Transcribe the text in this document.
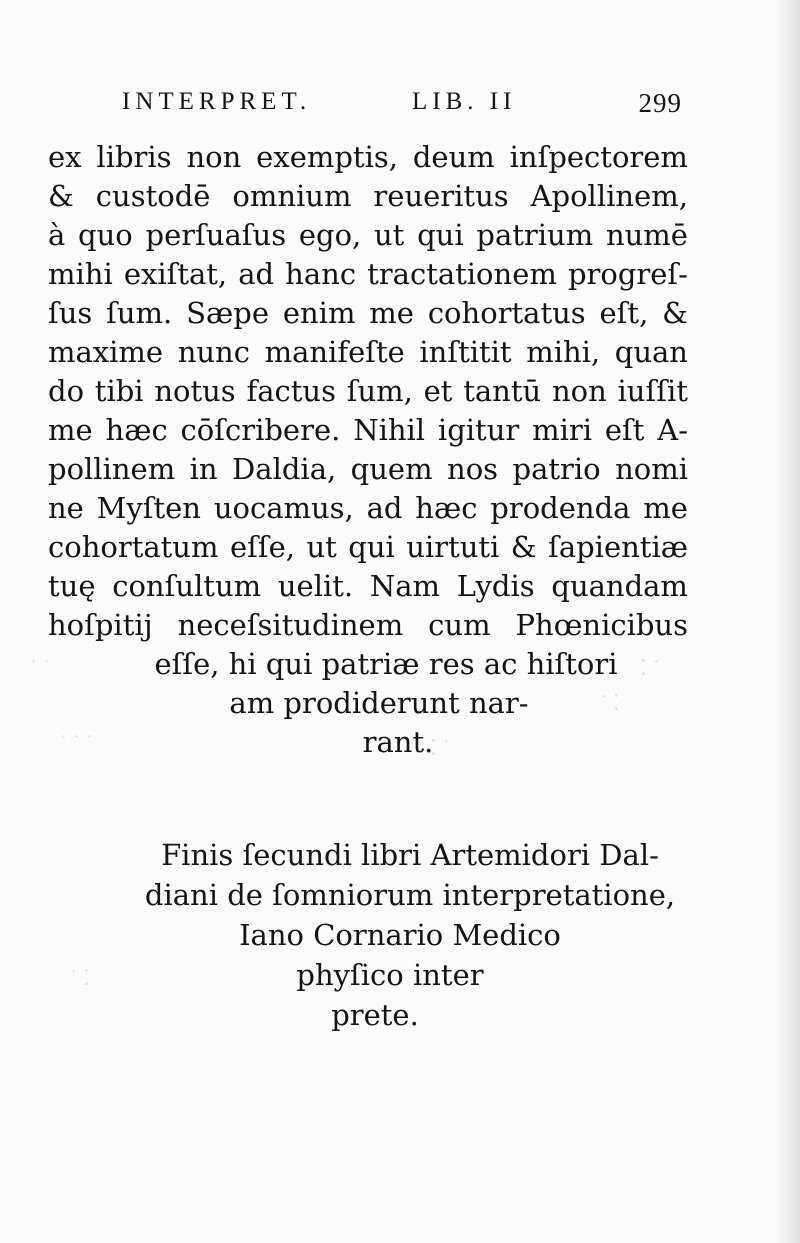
˙ ˙	⁚ ˙
˙ ⁚
˙ ˙ ˙	⁚ ˙
˙ ⁚
INTERPRET.	LIB. II	299
ex libris non exemptis, deum inſpectorem
& custodē omnium reueritus Apollinem,
à quo perſuaſus ego, ut qui patrium numē
mihi exiſtat, ad hanc tractationem progreſ-
ſus ſum. Sæpe enim me cohortatus eſt, &
maxime nunc manifeſte inſtitit mihi, quan
do tibi notus factus ſum, et tantū non iuſſit
me hæc cōſcribere. Nihil igitur miri eſt A-
pollinem in Daldia, quem nos patrio nomi
ne Myſten uocamus, ad hæc prodenda me
cohortatum eſſe, ut qui uirtuti & ſapientiæ
tuę conſultum uelit. Nam Lydis quandam
hoſpitij neceſsitudinem cum Phœnicibus
eſſe, hi qui patriæ res ac hiſtori
am prodiderunt nar-
rant.
Finis ſecundi libri Artemidori Dal-
diani de ſomniorum interpretatione,
Iano Cornario Medico
phyſico inter
prete.
